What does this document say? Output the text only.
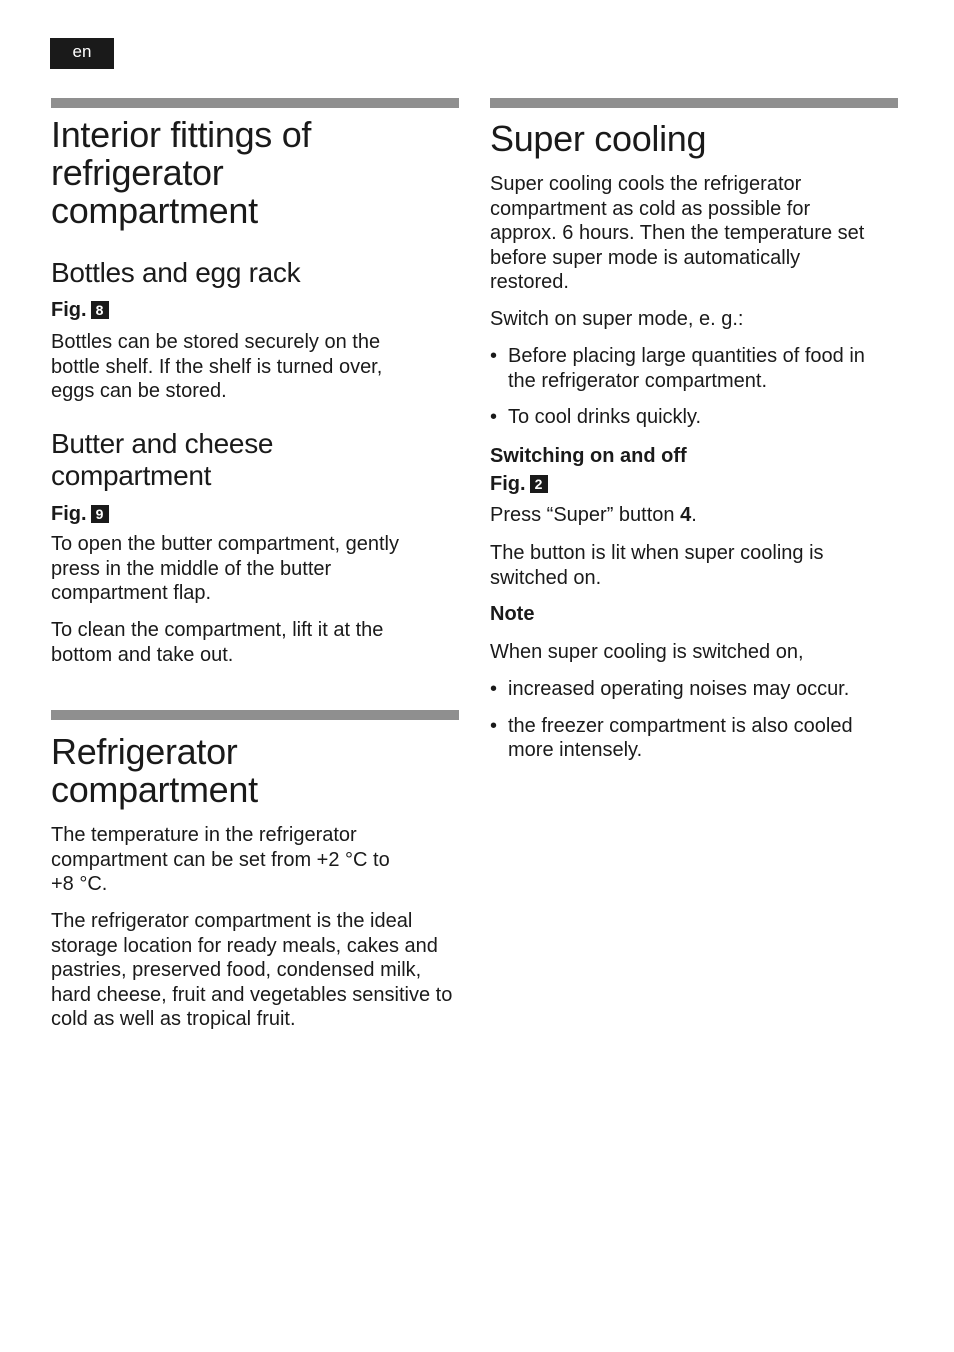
en
Interior fittings of refrigerator compartment
Bottles and egg rack
Fig. 8

Bottles can be stored securely on the bottle shelf. If the shelf is turned over, eggs can be stored.

Butter and cheese compartment
Fig. 9

To open the butter compartment, gently press in the middle of the butter compartment flap.

To clean the compartment, lift it at the bottom and take out.

Refrigerator compartment

The temperature in the refrigerator compartment can be set from +2 °C to +8 °C.

The refrigerator compartment is the ideal storage location for ready meals, cakes and pastries, preserved food, condensed milk, hard cheese, fruit and vegetables sensitive to cold as well as tropical fruit.

Super cooling

Super cooling cools the refrigerator compartment as cold as possible for approx. 6 hours. Then the temperature set before super mode is automatically restored.

Switch on super mode, e. g.:

• Before placing large quantities of food in the refrigerator compartment.
• To cool drinks quickly.
Switching on and off
Fig. 2

Press “Super” button 4.

The button is lit when super cooling is switched on.

Note

When super cooling is switched on,

• increased operating noises may occur.
• the freezer compartment is also cooled more intensely.
